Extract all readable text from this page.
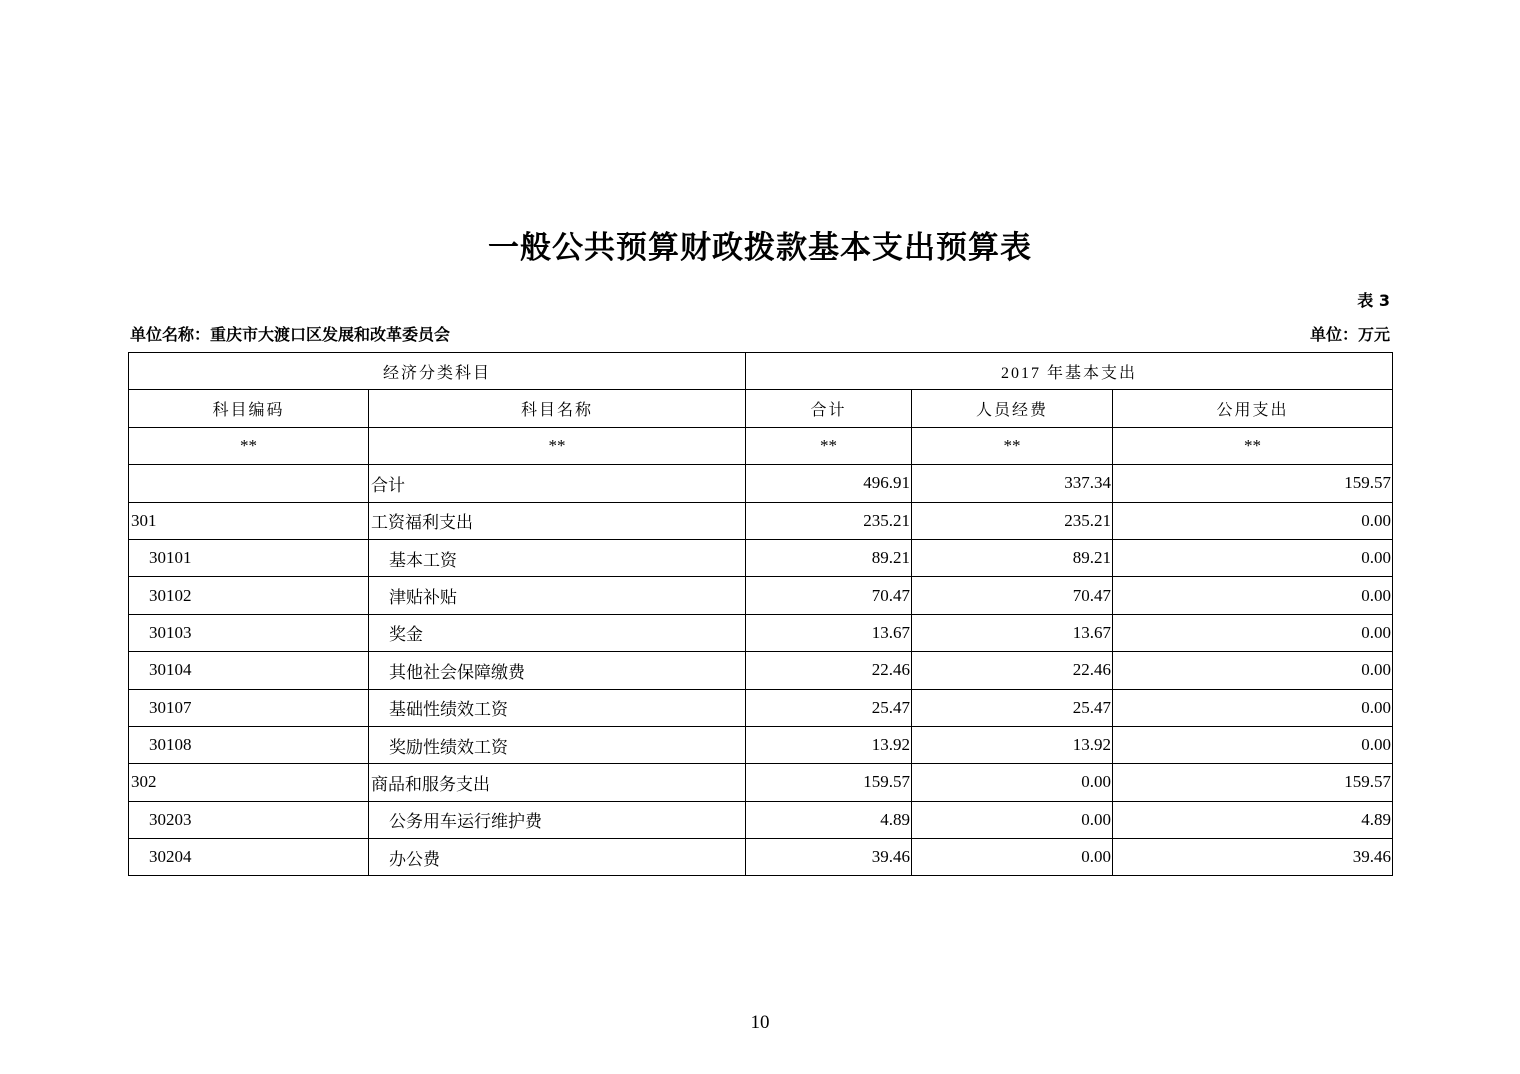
一般公共预算财政拨款基本支出预算表
表 3
单位名称：重庆市大渡口区发展和改革委员会	单位：万元
经济分类科目		2017 年基本支出		
科目编码	科目名称	合计	人员经费	公用支出
**	**	**	**	**
	合计	496.91	337.34	159.57
301	工资福利支出	235.21	235.21	0.00
30101	基本工资	89.21	89.21	0.00
30102	津贴补贴	70.47	70.47	0.00
30103	奖金	13.67	13.67	0.00
30104	其他社会保障缴费	22.46	22.46	0.00
30107	基础性绩效工资	25.47	25.47	0.00
30108	奖励性绩效工资	13.92	13.92	0.00
302	商品和服务支出	159.57	0.00	159.57
30203	公务用车运行维护费	4.89	0.00	4.89
30204	办公费	39.46	0.00	39.46
10
